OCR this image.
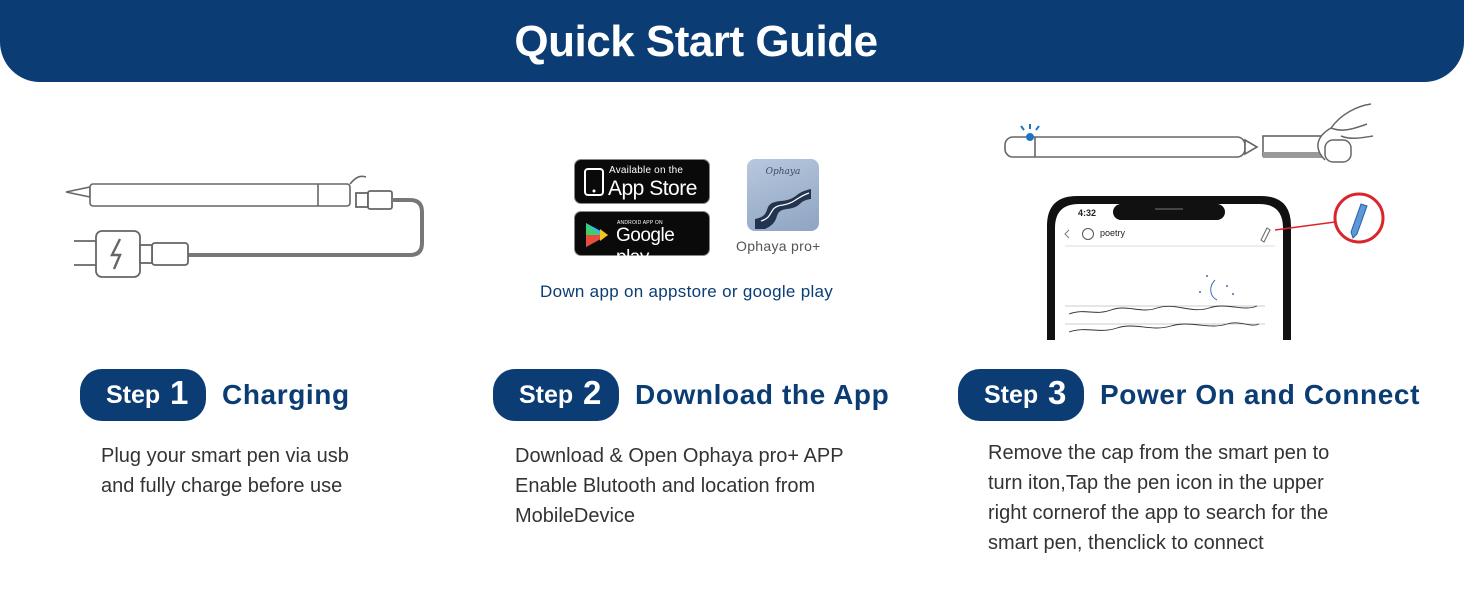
Quick Start Guide
Available on the
App Store
ANDROID APP ON
Google play
Ophaya
Ophaya pro+
Down app on appstore or google play
4:32
poetry
Step 1 Charging
Plug your smart pen via usb
and fully charge before use
Step 2 Download the App
Download & Open Ophaya pro+ APP
Enable Blutooth and location from
MobileDevice
Step 3 Power On and Connect
Remove the cap from the smart pen to
turn iton,Tap the pen icon in the upper
right cornerof the app to search for the
smart pen, thenclick to connect
